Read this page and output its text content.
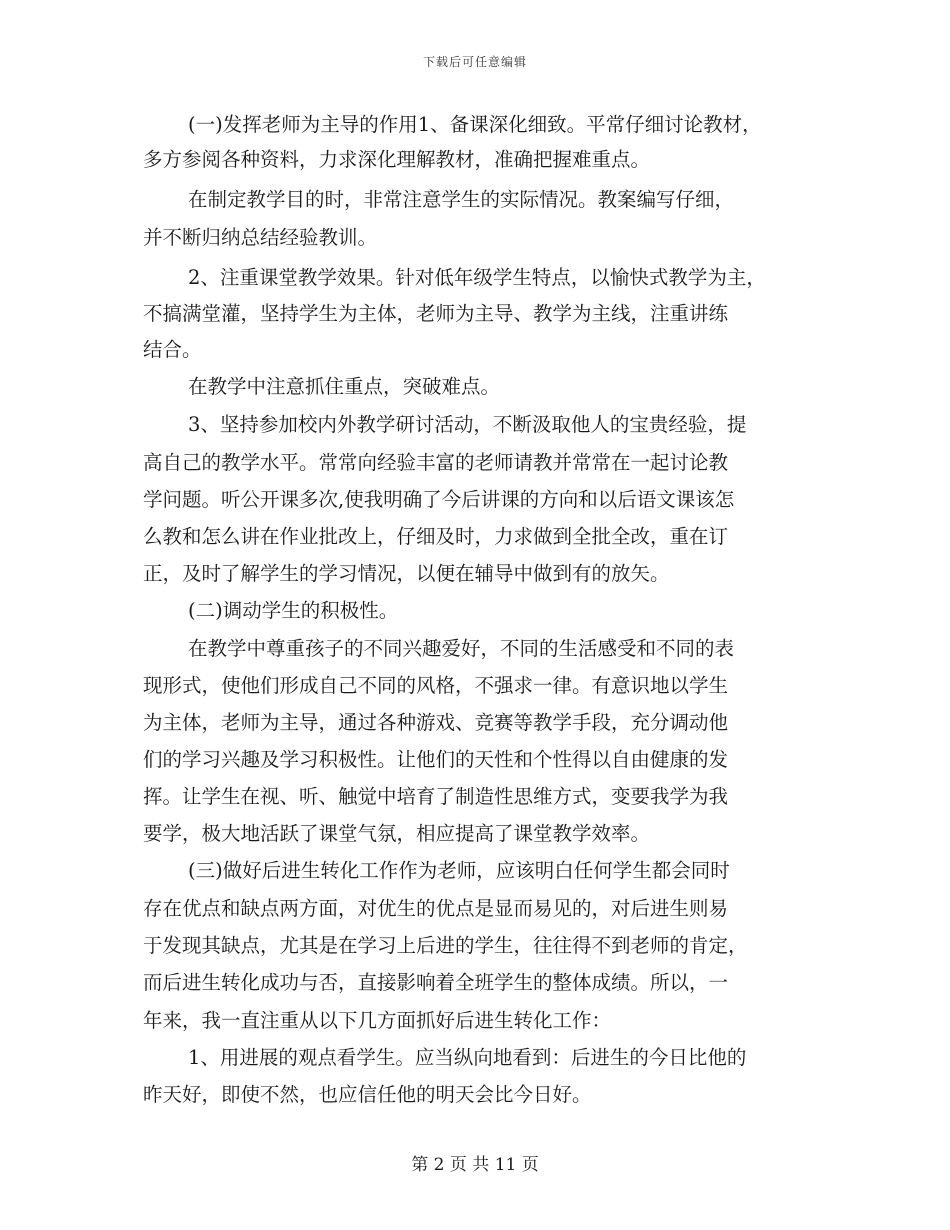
下载后可任意编辑
(一)发挥老师为主导的作用1、备课深化细致。平常仔细讨论教材，
多方参阅各种资料，力求深化理解教材，准确把握难重点。
在制定教学目的时，非常注意学生的实际情况。教案编写仔细，
并不断归纳总结经验教训。
2、注重课堂教学效果。针对低年级学生特点，以愉快式教学为主，
不搞满堂灌，坚持学生为主体，老师为主导、教学为主线，注重讲练
结合。
在教学中注意抓住重点，突破难点。
3、坚持参加校内外教学研讨活动，不断汲取他人的宝贵经验，提
高自己的教学水平。常常向经验丰富的老师请教并常常在一起讨论教
学问题。听公开课多次,使我明确了今后讲课的方向和以后语文课该怎
么教和怎么讲在作业批改上，仔细及时，力求做到全批全改，重在订
正，及时了解学生的学习情况，以便在辅导中做到有的放矢。
(二)调动学生的积极性。
在教学中尊重孩子的不同兴趣爱好，不同的生活感受和不同的表
现形式，使他们形成自己不同的风格，不强求一律。有意识地以学生
为主体，老师为主导，通过各种游戏、竞赛等教学手段，充分调动他
们的学习兴趣及学习积极性。让他们的天性和个性得以自由健康的发
挥。让学生在视、听、触觉中培育了制造性思维方式，变要我学为我
要学，极大地活跃了课堂气氛，相应提高了课堂教学效率。
(三)做好后进生转化工作作为老师，应该明白任何学生都会同时
存在优点和缺点两方面，对优生的优点是显而易见的，对后进生则易
于发现其缺点，尤其是在学习上后进的学生，往往得不到老师的肯定，
而后进生转化成功与否，直接影响着全班学生的整体成绩。所以，一
年来，我一直注重从以下几方面抓好后进生转化工作：
1、用进展的观点看学生。应当纵向地看到：后进生的今日比他的
昨天好，即使不然，也应信任他的明天会比今日好。
第 2 页 共 11 页
